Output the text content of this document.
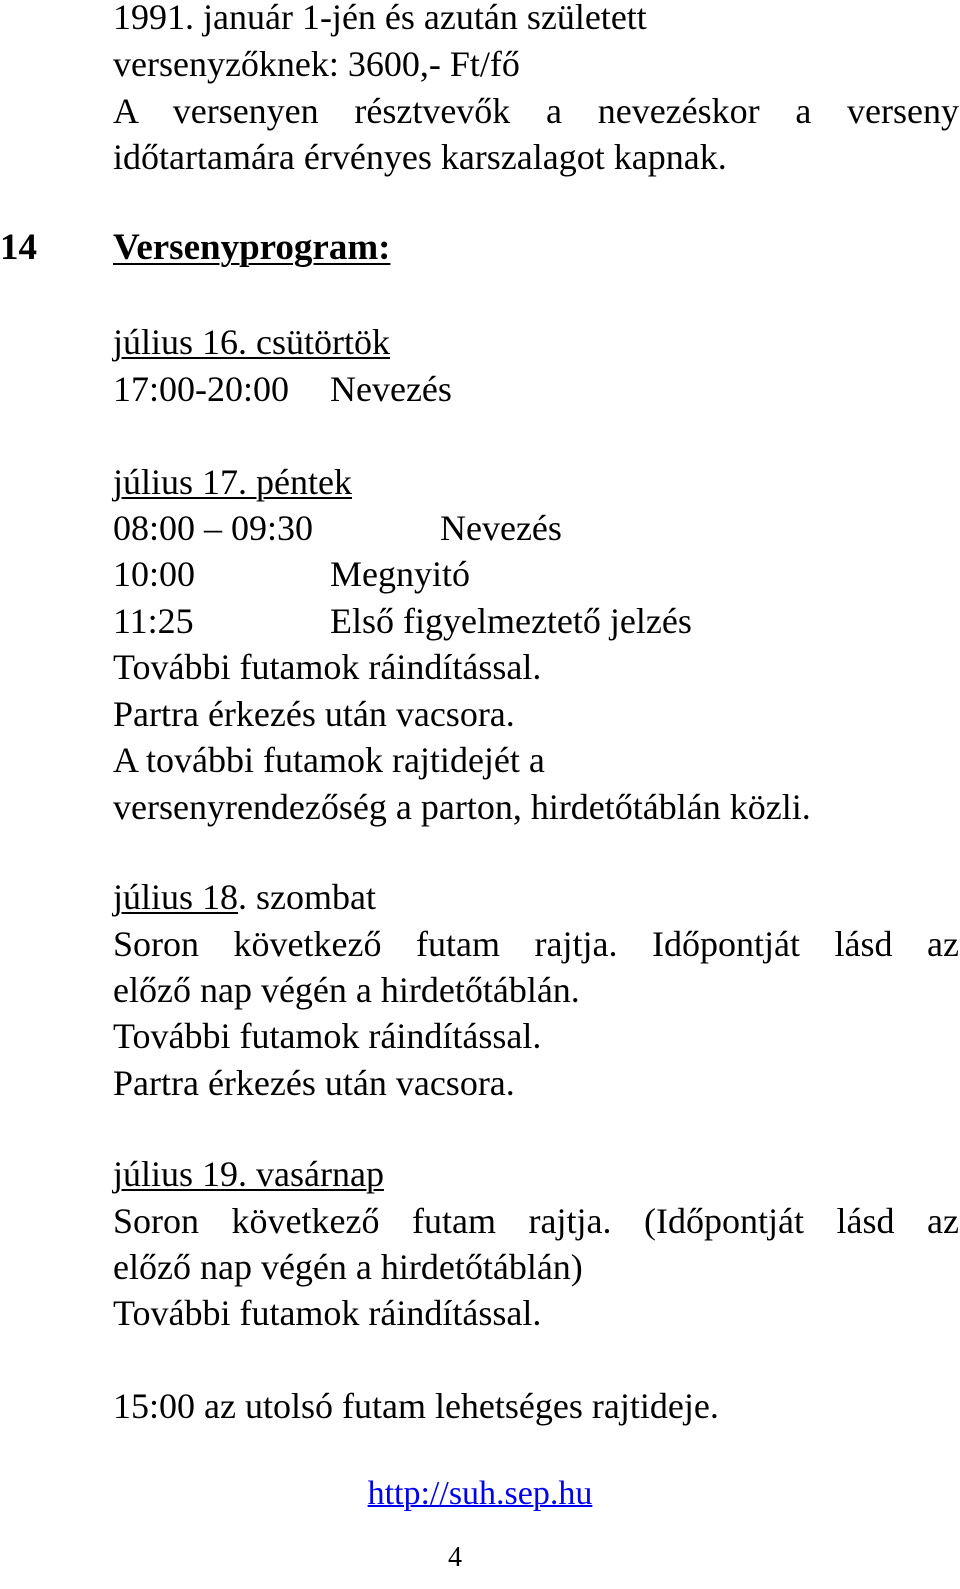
1991. január 1-jén és azután született
versenyzőknek: 3600,- Ft/fő
A versenyen résztvevők a nevezéskor a verseny
időtartamára érvényes karszalagot kapnak.
14 Versenyprogram:
július 16. csütörtök
17:00-20:00 Nevezés
július 17. péntek
08:00 – 09:30	Nevezés
10:00	Megnyitó
11:25	Első figyelmeztető jelzés
További futamok ráindítással.
Partra érkezés után vacsora.
A további futamok rajtidejét a
versenyrendezőség a parton, hirdetőtáblán közli.
július 18. szombat
Soron következő futam rajtja. Időpontját lásd az
előző nap végén a hirdetőtáblán.
További futamok ráindítással.
Partra érkezés után vacsora.
július 19. vasárnap
Soron következő futam rajtja. (Időpontját lásd az
előző nap végén a hirdetőtáblán)
További futamok ráindítással.
15:00 az utolsó futam lehetséges rajtideje.
http://suh.sep.hu
4
